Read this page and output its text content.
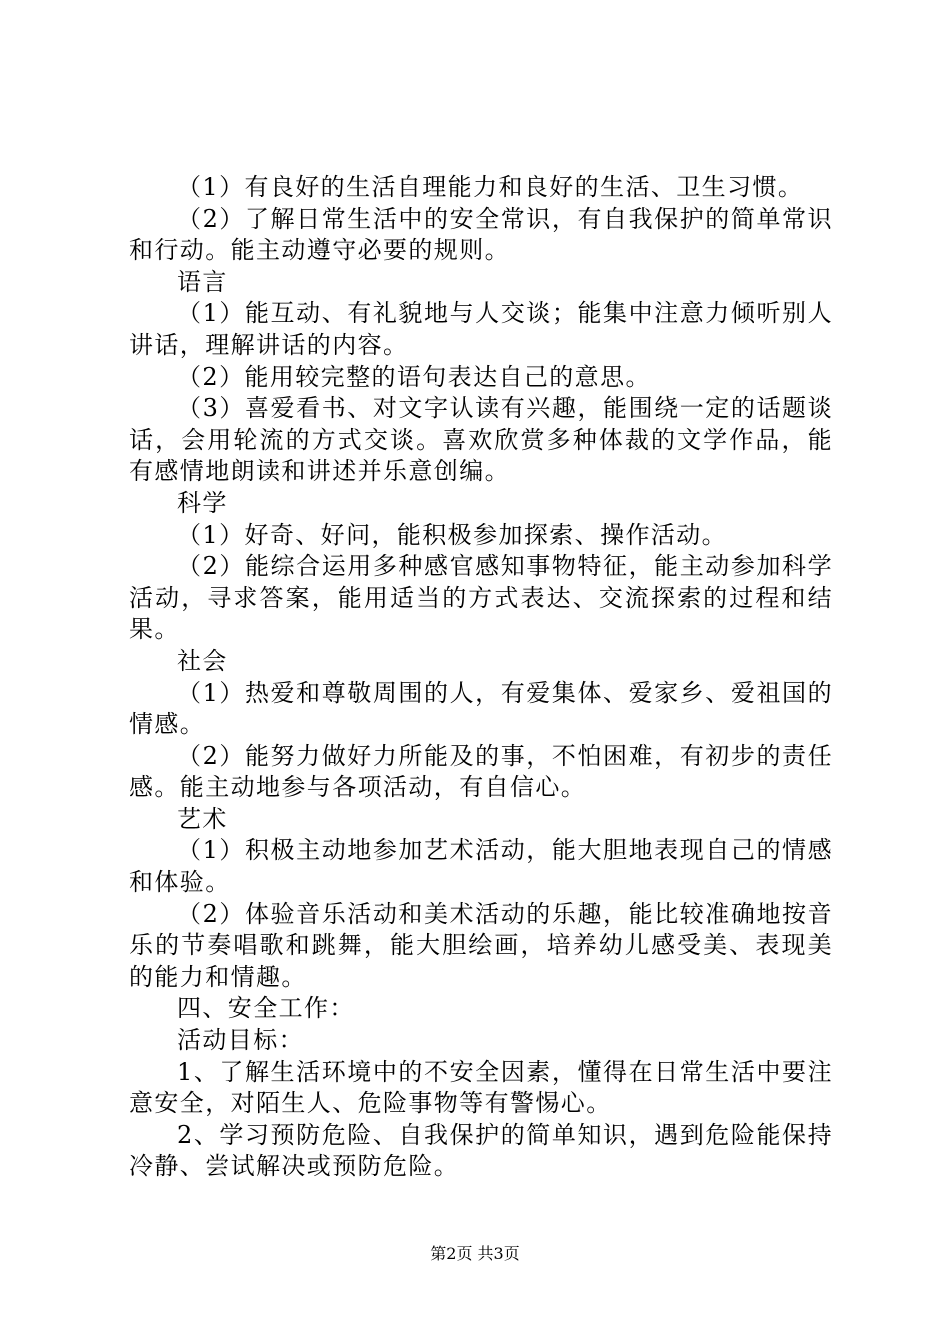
（1）有良好的生活自理能力和良好的生活、卫生习惯。

（2）了解日常生活中的安全常识，有自我保护的简单常识和行动。能主动遵守必要的规则。

语言

（1）能互动、有礼貌地与人交谈；能集中注意力倾听别人讲话，理解讲话的内容。

（2）能用较完整的语句表达自己的意思。

（3）喜爱看书、对文字认读有兴趣，能围绕一定的话题谈话，会用轮流的方式交谈。喜欢欣赏多种体裁的文学作品，能有感情地朗读和讲述并乐意创编。

科学

（1）好奇、好问，能积极参加探索、操作活动。

（2）能综合运用多种感官感知事物特征，能主动参加科学活动，寻求答案，能用适当的方式表达、交流探索的过程和结果。

社会

（1）热爱和尊敬周围的人，有爱集体、爱家乡、爱祖国的情感。

（2）能努力做好力所能及的事，不怕困难，有初步的责任感。能主动地参与各项活动，有自信心。

艺术

（1）积极主动地参加艺术活动，能大胆地表现自己的情感和体验。

（2）体验音乐活动和美术活动的乐趣，能比较准确地按音乐的节奏唱歌和跳舞，能大胆绘画，培养幼儿感受美、表现美的能力和情趣。

四、安全工作：

活动目标：

1、了解生活环境中的不安全因素，懂得在日常生活中要注意安全，对陌生人、危险事物等有警惕心。

2、学习预防危险、自我保护的简单知识，遇到危险能保持冷静、尝试解决或预防危险。

第2页 共3页
